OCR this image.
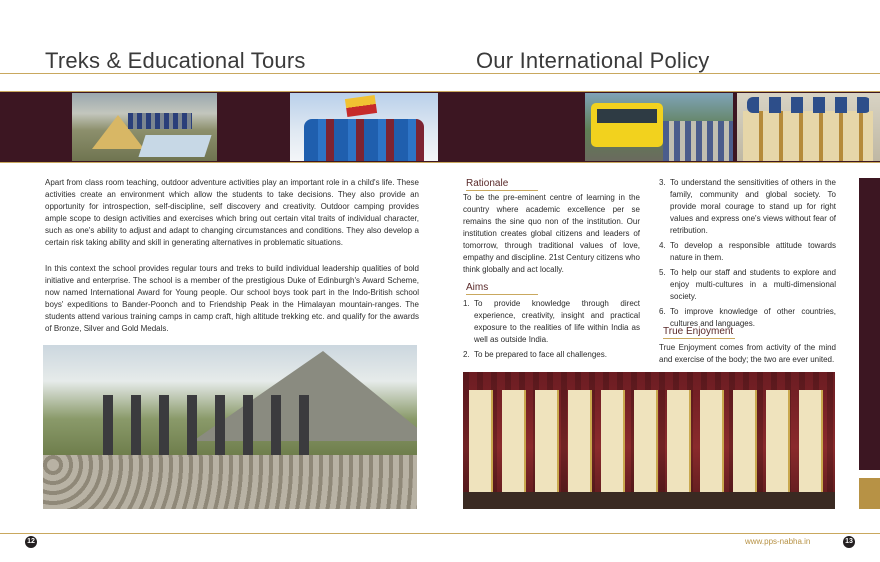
Treks & Educational Tours	Our International Policy

Apart from class room teaching, outdoor adventure activities play an important role in a child's life. These activities create an environment which allow the students to take decisions. They also provide an opportunity for introspection, self-discipline, self discovery and creativity. Outdoor camping provides ample scope to design activities and exercises which bring out certain vital traits of individual character, such as one's ability to adjust and adapt to changing circumstances and conditions. They also develop a certain risk taking ability and skill in generating alternatives in problematic situations.

In this context the school provides regular tours and treks to build individual leadership qualities of bold initiative and enterprise. The school is a member of the prestigious Duke of Edinburgh's Award Scheme, now named International Award for Young people. Our school boys took part in the Indo-British school boys' expeditions to Bander-Poonch and to Friendship Peak in the Himalayan mountain-ranges. The students attend various training camps in camp craft, high altitude trekking etc. and qualify for the awards of Bronze, Silver and Gold Medals.

Rationale

To be the pre-eminent centre of learning in the country where academic excellence per se remains the sine quo non of the institution. Our institution creates global citizens and leaders of tomorrow, through traditional values of love, empathy and discipline. 21st Century citizens who think globally and act locally.

Aims
1. To provide knowledge through direct experience, creativity, insight and practical exposure to the realities of life within India as well as outside India.
2. To be prepared to face all challenges.
3. To understand the sensitivities of others in the family, community and global society. To provide moral courage to stand up for right values and express one's views without fear of retribution.
4. To develop a responsible attitude towards nature in them.
5. To help our staff and students to explore and enjoy multi-cultures in a multi-dimensional society.
6. To improve knowledge of other countries, cultures and languages.
True Enjoyment

True Enjoyment comes from activity of the mind and exercise of the body; the two are ever united.

12	www.pps-nabha.in	13
